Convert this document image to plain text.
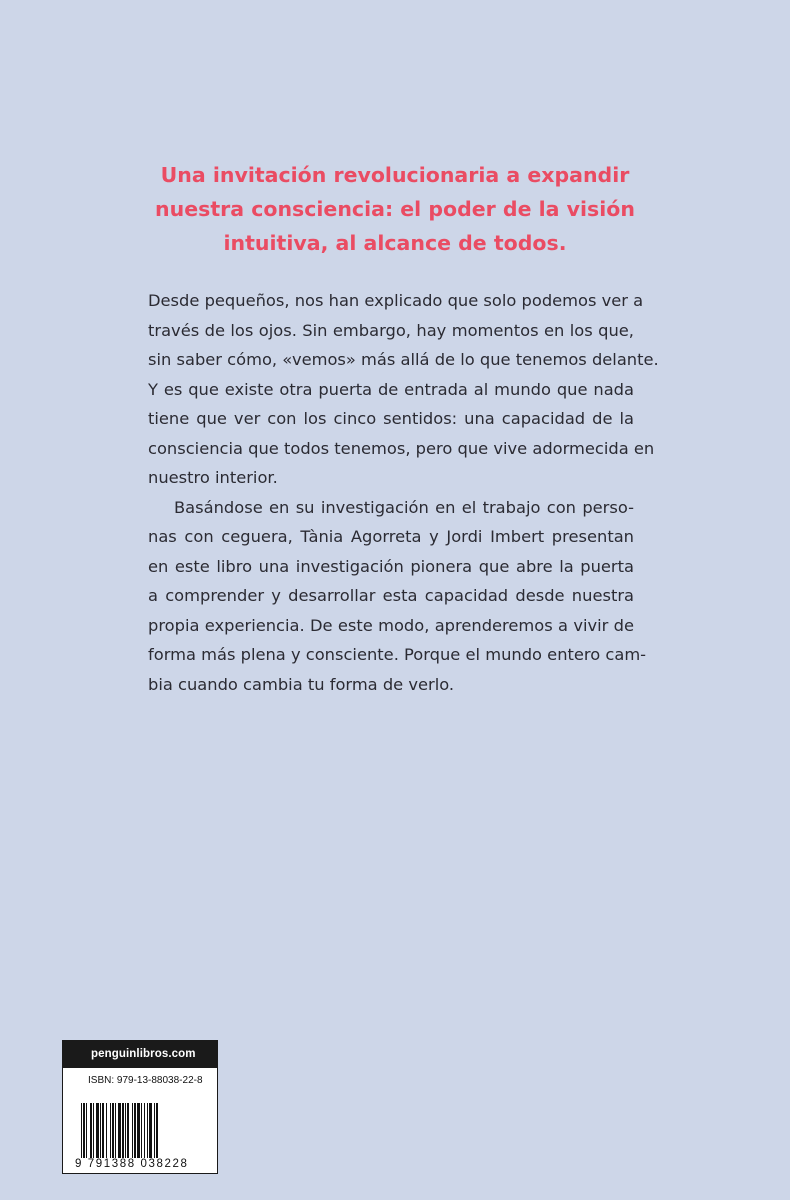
Una invitación revolucionaria a expandir
nuestra consciencia: el poder de la visión
intuitiva, al alcance de todos.
Desde pequeños, nos han explicado que solo podemos ver a
través de los ojos. Sin embargo, hay momentos en los que,
sin saber cómo, «vemos» más allá de lo que tenemos delante.
Y es que existe otra puerta de entrada al mundo que nada
tiene que ver con los cinco sentidos: una capacidad de la
consciencia que todos tenemos, pero que vive adormecida en
nuestro interior.
Basándose en su investigación en el trabajo con perso-
nas con ceguera, Tània Agorreta y Jordi Imbert presentan
en este libro una investigación pionera que abre la puerta
a comprender y desarrollar esta capacidad desde nuestra
propia experiencia. De este modo, aprenderemos a vivir de
forma más plena y consciente. Porque el mundo entero cam-
bia cuando cambia tu forma de verlo.
penguinlibros.com
ISBN: 979-13-88038-22-8
9 791388 038228
